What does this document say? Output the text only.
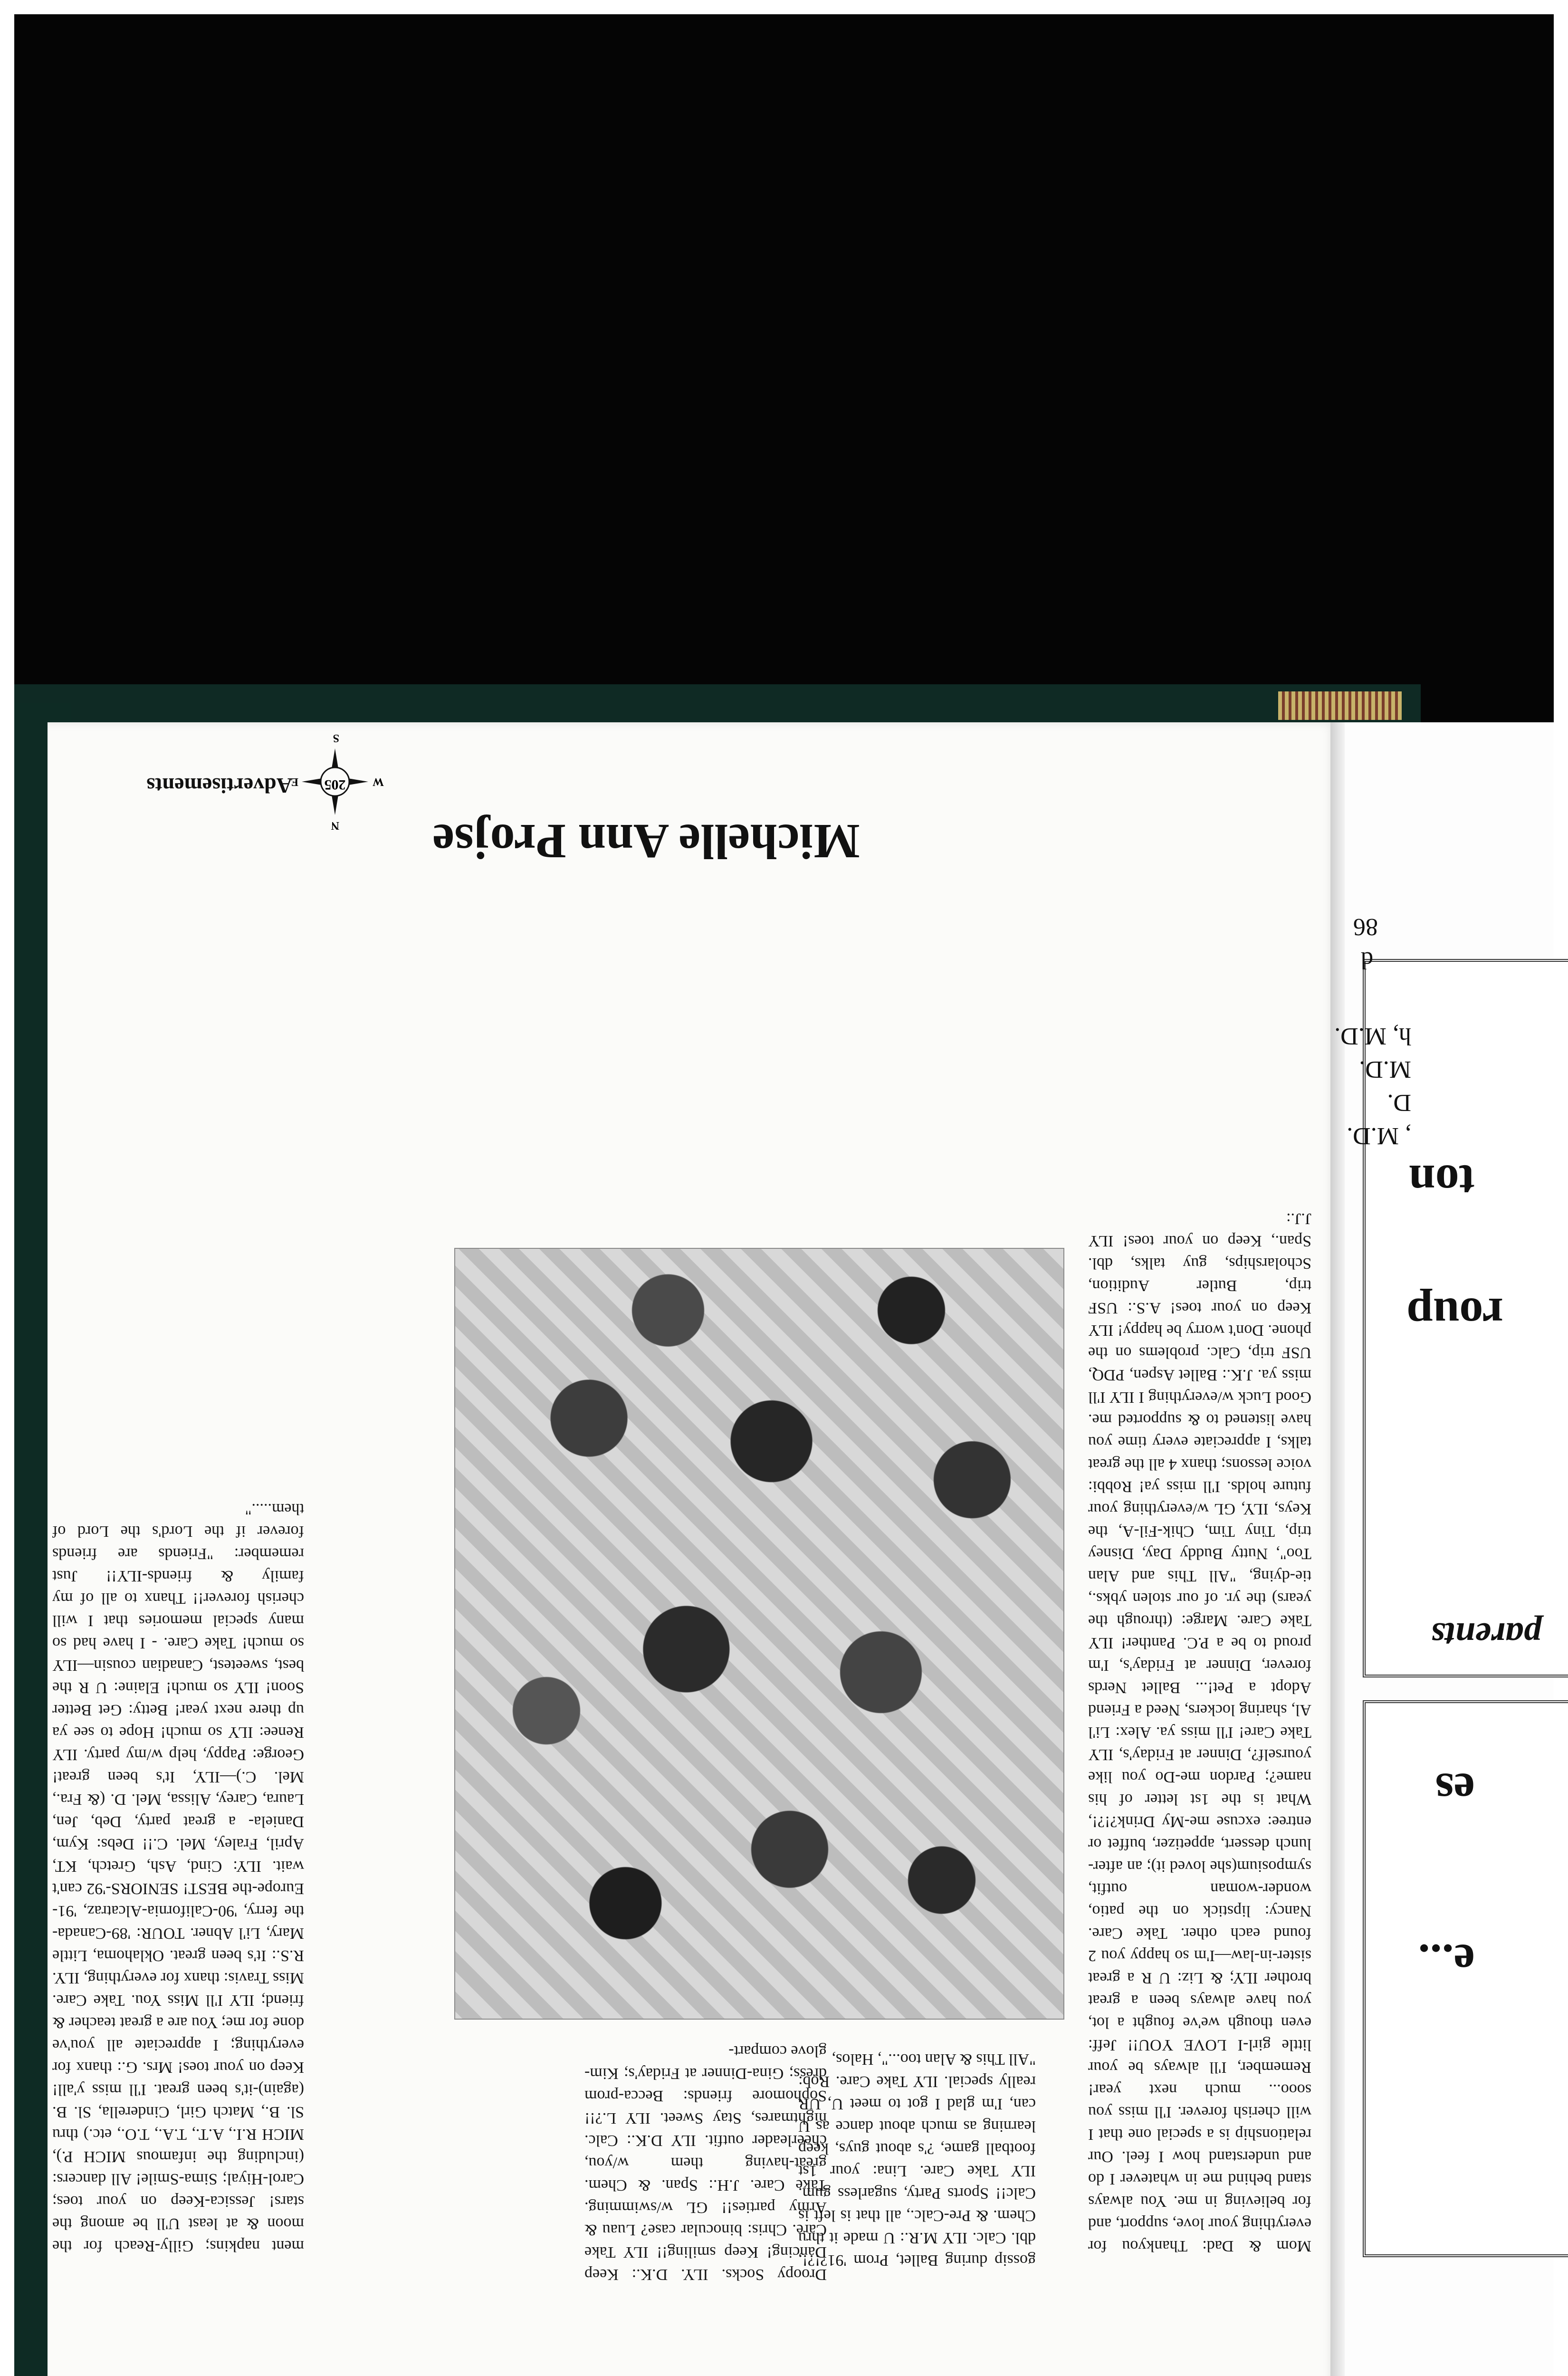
Michelle Ann Projse

Mom & Dad: Thankyou for everything your love, support, and for believing in me. You always stand behind me in whatever I do and understand how I feel. Our relationship is a special one that I will cherish forever. I'll miss you sooo... much next year! Remember, I'll always be your little girl-I LOVE YOU!! Jeff: even though we've fought a lot, you have always been a great brother ILY; & Liz: U R a great sister-in-law—I'm so happy you 2 found each other. Take Care. Nancy: lipstick on the patio, wonder-woman outfit, symposium(she loved it); an after-lunch dessert, appetizer, buffet or entree: excuse me-My Drink?!?!, What is the 1st letter of his name?; Pardon me-Do you like yourself?, Dinner at Friday's, ILY Take Care! I'll miss ya. Alex: Li'l Al, sharing lockers, Need a Friend Adopt a Pet!... Ballet Nerds forever, Dinner at Friday's, I'm proud to be a P.C. Panther! ILY Take Care. Marge: (through the years) the yr. of our stolen ybks., tie-dying, "All This and Alan Too", Nutty Buddy Day, Disney trip, Tiny Tim, Chik-Fil-A, the Keys, ILY, GL w/everything your future holds. I'll miss ya! Robbi: voice lessons; thanx 4 all the great talks, I appreciate every time you have listened to & supported me. Good Luck w/everything I ILY I'll miss ya. J.K.: Ballet Aspen, PDQ, USF trip, Calc. problems on the phone. Don't worry be happy! ILY Keep on your toes! A.S.: USF trip, Butler Audition, Scholarships, guy talks, dbl. Span., Keep on your toes! ILY J.J.:

gossip during Ballet, Prom '91?!?!, dbl. Calc. ILY M.R.: U made it thru Chem. & Pre-Calc., all that is left is Calc!! Sports Party, sugarless gum. ILY Take Care. Lina: your 1st football game, ?'s about guys, keep learning as much about dance as U can, I'm glad I got to meet U, UR really special. ILY Take Care. Rob: "All This & Alan too...", Halos,

Droopy Socks. ILY. D.K.: Keep Dancing! Keep smiling!! ILY Take Care. Chris: binocular case? Luau & Army parties!! GL w/swimming. Take Care. J.H.: Span. & Chem. great-having them w/you, cheerleader outfit. ILY D.K.: Calc. nightmares, Stay Sweet. ILY L.?!! Sophomore friends: Becca-prom dress; Gina-Dinner at Friday's; Kim-glove compart-

ment napkins; Gilly-Reach for the moon & at least U'll be among the stars! Jessica-Keep on your toes; Carol-Hiyal; Sima-Smile! All dancers: (including the infamous MICH P.), MICH R.I., A.T., T.A., T.O., etc.) thru Sl. B., Match Girl, Cinderella, Sl. B.(again)-it's been great. I'll miss y'all! Keep on your toes! Mrs. G.: thanx for everything; I appreciate all you've done for me; You are a great teacher & friend; ILY I'll Miss You. Take Care. Miss Travis: thanx for everything, ILY. R.S.: It's been great. Oklahoma, Little Mary, Li'l Abner. TOUR: '89-Canada-the ferry, '90-California-Alcatraz, '91-Europe-the BEST! SENIORS-'92 can't wait. ILY: Cind, Ash, Gretch, KT, April, Fraley, Mel. C.!! Debs: Kym, Daniela- a great party, Deb, Jen, Laura, Carey, Alissa, Mel. D. (& Fra., Mel. C.)—ILY, It's been great! George: Pappy, help w/my party. ILY Renee: ILY so much! Hope to see ya up there next year! Betty: Get Better Soon! ILY so much! Elaine: U R the best, sweetest, Canadian cousin—ILY so much! Take Care. - I have had so many special memories that I will cherish forever!! Thanx to all of my family & friends-ILY!! Just remember: "Friends are friends forever if the Lord's the Lord of them....."

205
N
E
S
W
Advertisements
parents
roup
ton
es
e...
, M.D.
D.
M.D.
h, M.D.
d
86
